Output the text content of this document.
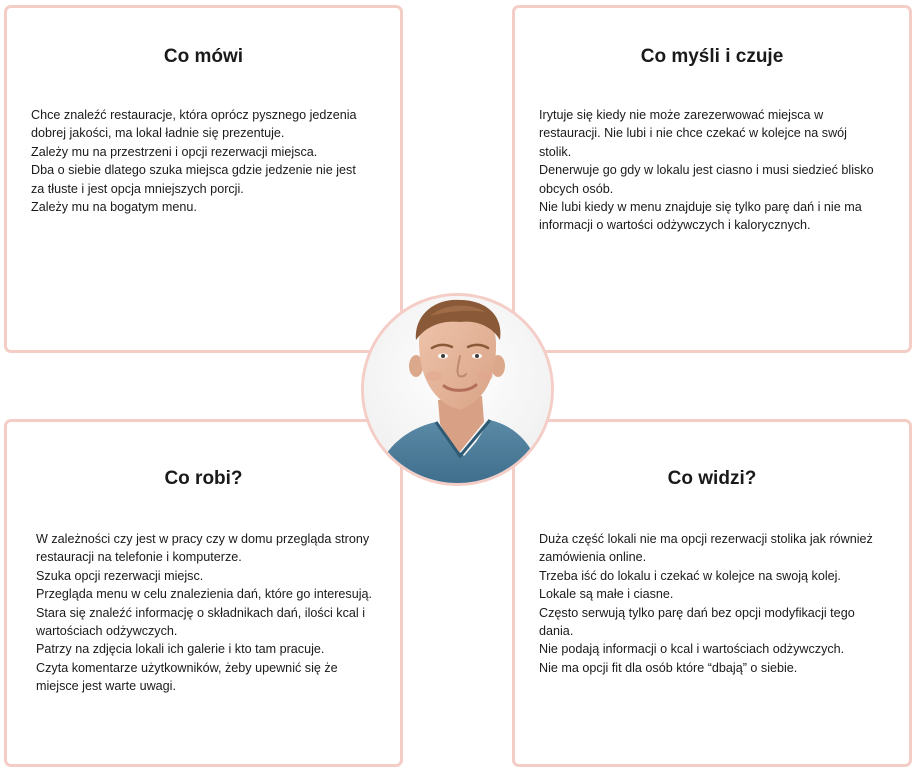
Co mówi
Chce znaleźć restauracje, która oprócz pysznego jedzenia
dobrej jakości, ma lokal ładnie się prezentuje.
Zależy mu na przestrzeni i opcji rezerwacji miejsca.
Dba o siebie dlatego szuka miejsca gdzie jedzenie nie jest
za tłuste i jest opcja mniejszych porcji.
Zależy mu na bogatym menu.
Co myśli i czuje
Irytuje się kiedy nie może zarezerwować miejsca w
restauracji. Nie lubi i nie chce czekać w kolejce na swój
stolik.
Denerwuje go gdy w lokalu jest ciasno i musi siedzieć blisko
obcych osób.
Nie lubi kiedy w menu znajduje się tylko parę dań i nie ma
informacji o wartości odżywczych i kalorycznych.
Co robi?
W zależności czy jest w pracy czy w domu przegląda strony
restauracji na telefonie i komputerze.
Szuka opcji rezerwacji miejsc.
Przegląda menu w celu znalezienia dań, które go interesują.
Stara się znaleźć informację o składnikach dań, ilości kcal i
wartościach odżywczych.
Patrzy na zdjęcia lokali ich galerie i kto tam pracuje.
Czyta komentarze użytkowników, żeby upewnić się że
miejsce jest warte uwagi.
Co widzi?
Duża część lokali nie ma opcji rezerwacji stolika jak również
zamówienia online.
Trzeba iść do lokalu i czekać w kolejce na swoją kolej.
Lokale są małe i ciasne.
Często serwują tylko parę dań bez opcji modyfikacji tego
dania.
Nie podają informacji o kcal i wartościach odżywczych.
Nie ma opcji fit dla osób które “dbają” o siebie.
